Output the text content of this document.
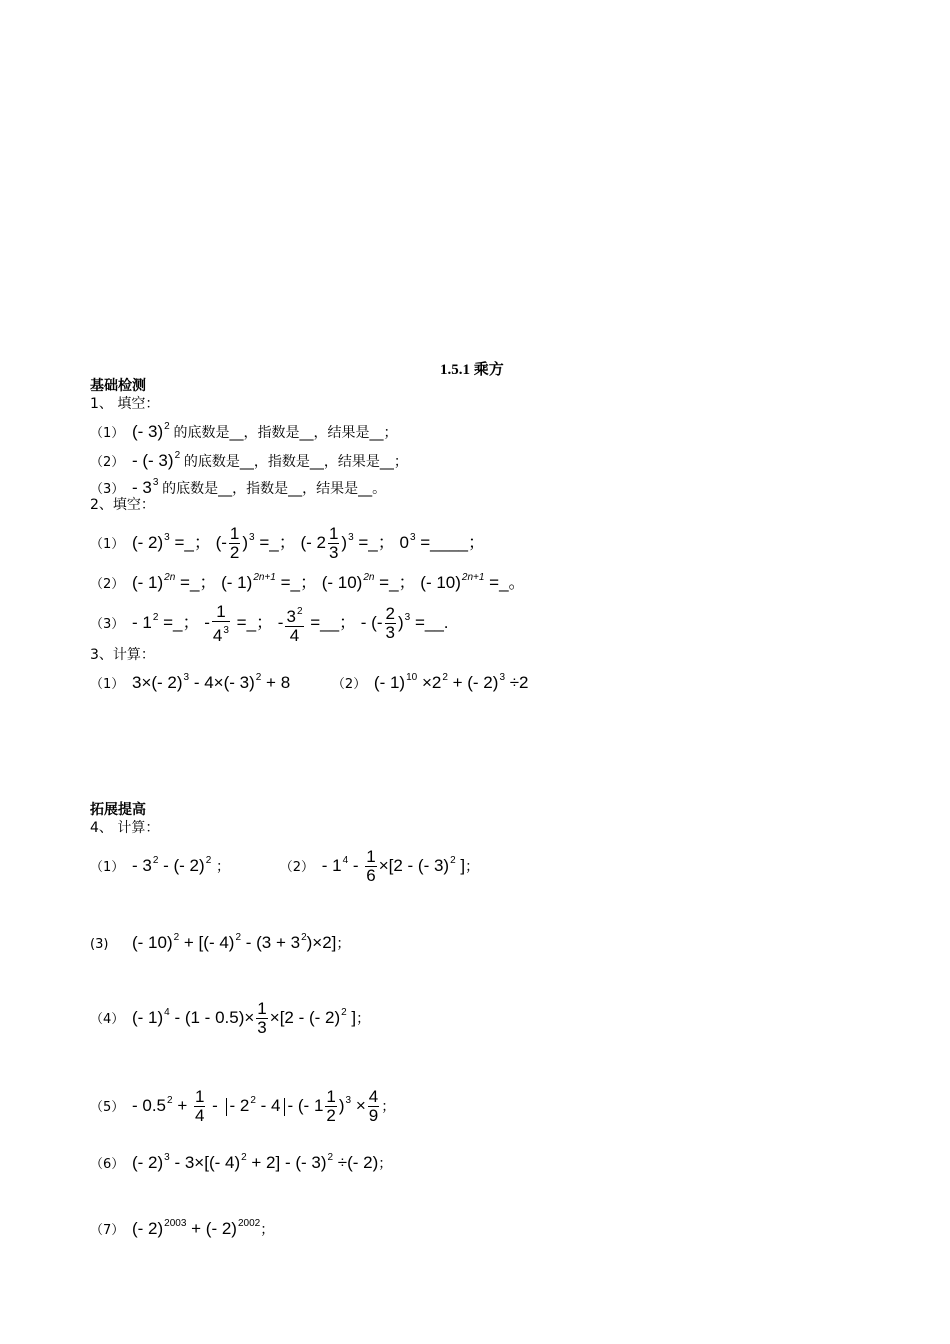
1.5.1 乘方
基础检测
1、 填空：
（1） (- 3)$^2$ 的底数是__，指数是__，结果是__；
（2） - (- 3)$^2$ 的底数是__，指数是__，结果是__；
$(3) - 3^3$ 的底数是__，指数是__，结果是__。
2、填空：
（1） (- 2)$^3$ =_； (- $\frac{1}{2} )^3$ =_； (- $2 \frac{1}{3} )^3$ =_； $0^3$ =____；
（2） (- 1)$^{2n}$ =_； (- 1)$^{2n+1}$ =_； (- 10)$^{2n}$ =_； (- 10)$^{2n+1}$ =_。
$(3) - 1^2$ =_； - $\frac{1}{4^3}$ =_； - $\frac{3^2}{4}$ =__； - (- $\frac{2}{3} )^3$ =__.
3、计算：
（1） 3×(- 2)$^3$ - 4×(- 3)$^2$ + 8	（2） (- $1)^{10} \times 2^2$ + (- 2)$^3$ ÷2
拓展提高
4、 计算：
$(1) - 3^2$ - (- 2)$^2$ ；	$(2) - 1^4 - \frac{1}{6} \times[2$ - (- 3)$^2$ ]；
(3) (- 10)$^2$ + [(- $4)^2 - (3 + 3^2)\times 2$]；
（4） (- $1)^4 - (1 - 0.5)\times \frac{1}{3} \times[2$ - (- 2)$^2$ ]；
$(5) - 0.5^2 + \frac{1}{4}$ - - $2^2 - 4$ - (- $1 \frac{1}{2} )^3 \times \frac{4}{9}$ ；
（6） (- 2)$^3$ - 3×[(- 4)$^2$ + 2] - (- 3)$^2$ ÷(- 2)；
（7） (- 2)$^{2003}$ + (- 2)$^{2002}$；
